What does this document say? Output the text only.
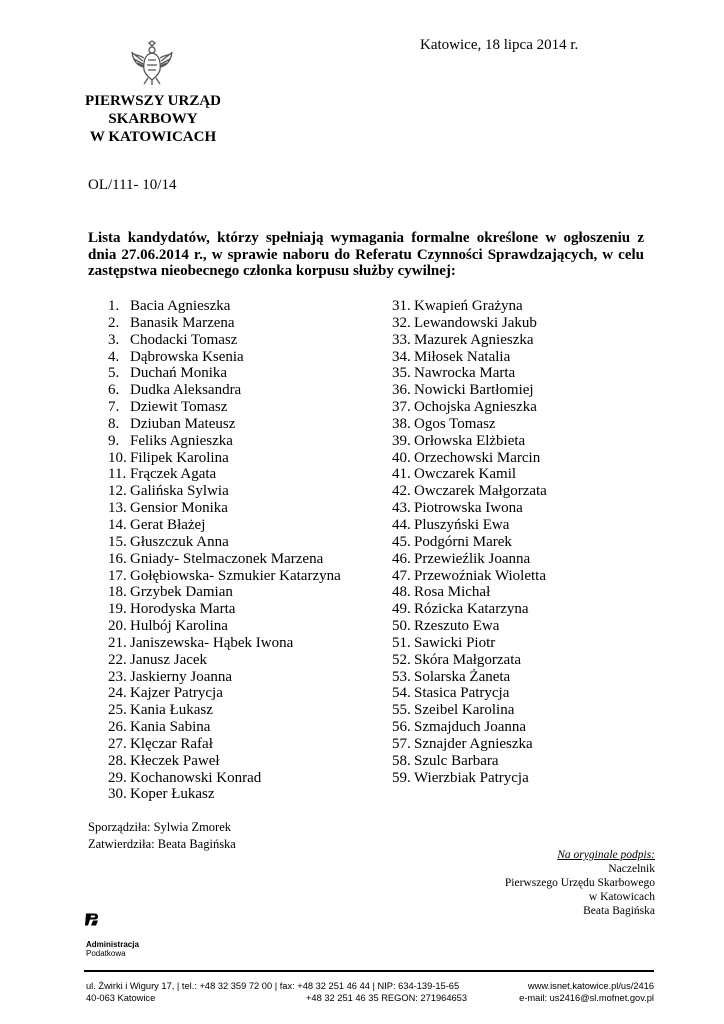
PIERWSZY URZĄD SKARBOWY
W KATOWICACH
Katowice, 18 lipca 2014 r.
OL/111- 10/14
Lista kandydatów, którzy spełniają wymagania formalne określone w ogłoszeniu z dnia 27.06.2014 r., w sprawie naboru do Referatu Czynności Sprawdzających, w celu zastępstwa nieobecnego członka korpusu służby cywilnej:
1. Bacia Agnieszka
2. Banasik Marzena
3. Chodacki Tomasz
4. Dąbrowska Ksenia
5. Duchań Monika
6. Dudka Aleksandra
7. Dziewit Tomasz
8. Dziuban Mateusz
9. Feliks Agnieszka
10. Filipek Karolina
11. Frączek Agata
12. Galińska Sylwia
13. Gensior Monika
14. Gerat Błażej
15. Głuszczuk Anna
16. Gniady- Stelmaczonek Marzena
17. Gołębiowska- Szmukier Katarzyna
18. Grzybek Damian
19. Horodyska Marta
20. Hulbój Karolina
21. Janiszewska- Hąbek Iwona
22. Janusz Jacek
23. Jaskierny Joanna
24. Kajzer Patrycja
25. Kania Łukasz
26. Kania Sabina
27. Klęczar Rafał
28. Kłeczek Paweł
29. Kochanowski Konrad
30. Koper Łukasz
31. Kwapień Grażyna
32. Lewandowski Jakub
33. Mazurek Agnieszka
34. Miłosek Natalia
35. Nawrocka Marta
36. Nowicki Bartłomiej
37. Ochojska Agnieszka
38. Ogos Tomasz
39. Orłowska Elżbieta
40. Orzechowski Marcin
41. Owczarek Kamil
42. Owczarek Małgorzata
43. Piotrowska Iwona
44. Pluszyński Ewa
45. Podgórni Marek
46. Przewieźlik Joanna
47. Przewoźniak Wioletta
48. Rosa Michał
49. Rózicka Katarzyna
50. Rzeszuto Ewa
51. Sawicki Piotr
52. Skóra Małgorzata
53. Solarska Żaneta
54. Stasica Patrycja
55. Szeibel Karolina
56. Szmajduch Joanna
57. Sznajder Agnieszka
58. Szulc Barbara
59. Wierzbiak Patrycja
Sporządziła: Sylwia Zmorek
Zatwierdziła: Beata Bagińska
Na oryginale podpis:
Naczelnik
Pierwszego Urzędu Skarbowego
w Katowicach
Beata Bagińska
Administracja
Podatkowa
ul. Żwirki i Wigury 17, | tel.: +48 32 359 72 00 | fax: +48 32 251 46 44 | NIP: 634-139-15-65
40-063 Katowice	+48 32 251 46 35 REGON: 271964653
www.isnet.katowice.pl/us/2416
e-mail: us2416@sl.mofnet.gov.pl
